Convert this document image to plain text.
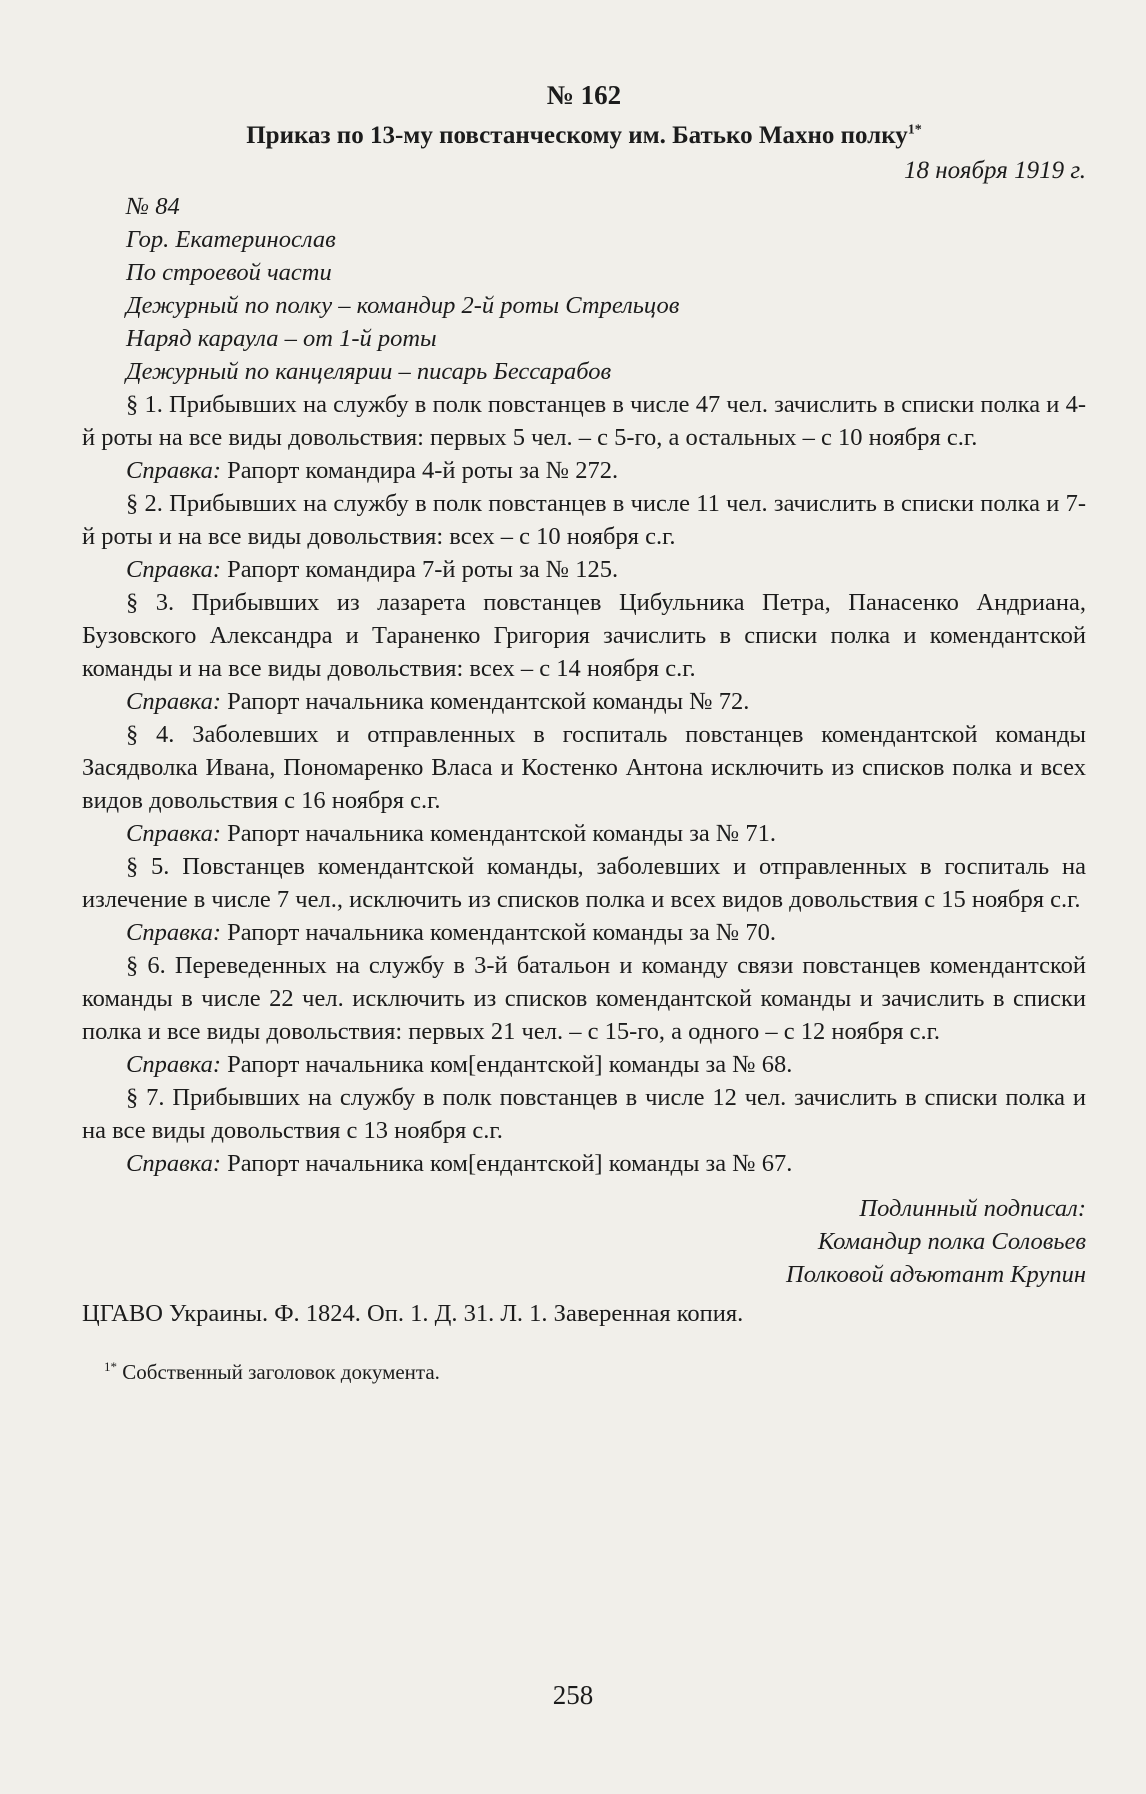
№ 162
Приказ по 13-му повстанческому им. Батько Махно полку$^{1*}$
18 ноября 1919 г.

№ 84

Гор. Екатеринослав

По строевой части

Дежурный по полку – командир 2-й роты Стрельцов

Наряд караула – от 1-й роты

Дежурный по канцелярии – писарь Бессарабов

§ 1. Прибывших на службу в полк повстанцев в числе 47 чел. зачислить в списки полка и 4-й роты на все виды довольствия: первых 5 чел. – с 5-го, а остальных – с 10 ноября с.г.

Справка: Рапорт командира 4-й роты за № 272.

§ 2. Прибывших на службу в полк повстанцев в числе 11 чел. зачислить в списки полка и 7-й роты и на все виды довольствия: всех – с 10 ноября с.г.

Справка: Рапорт командира 7-й роты за № 125.

§ 3. Прибывших из лазарета повстанцев Цибульника Петра, Панасенко Андриана, Бузовского Александра и Тараненко Григория зачислить в списки полка и комендантской команды и на все виды довольствия: всех – с 14 ноября с.г.

Справка: Рапорт начальника комендантской команды № 72.

§ 4. Заболевших и отправленных в госпиталь повстанцев комендантской команды Засядволка Ивана, Пономаренко Власа и Костенко Антона исключить из списков полка и всех видов довольствия с 16 ноября с.г.

Справка: Рапорт начальника комендантской команды за № 71.

§ 5. Повстанцев комендантской команды, заболевших и отправленных в госпиталь на излечение в числе 7 чел., исключить из списков полка и всех видов довольствия с 15 ноября с.г.

Справка: Рапорт начальника комендантской команды за № 70.

§ 6. Переведенных на службу в 3-й батальон и команду связи повстанцев комендантской команды в числе 22 чел. исключить из списков комендантской команды и зачислить в списки полка и все виды довольствия: первых 21 чел. – с 15-го, а одного – с 12 ноября с.г.

Справка: Рапорт начальника ком[ендантской] команды за № 68.

§ 7. Прибывших на службу в полк повстанцев в числе 12 чел. зачислить в списки полка и на все виды довольствия с 13 ноября с.г.

Справка: Рапорт начальника ком[ендантской] команды за № 67.

Подлинный подписал:

Командир полка Соловьев

Полковой адъютант Крупин

ЦГАВО Украины. Ф. 1824. Оп. 1. Д. 31. Л. 1. Заверенная копия.

$^{1*}$ Собственный заголовок документа.

258
